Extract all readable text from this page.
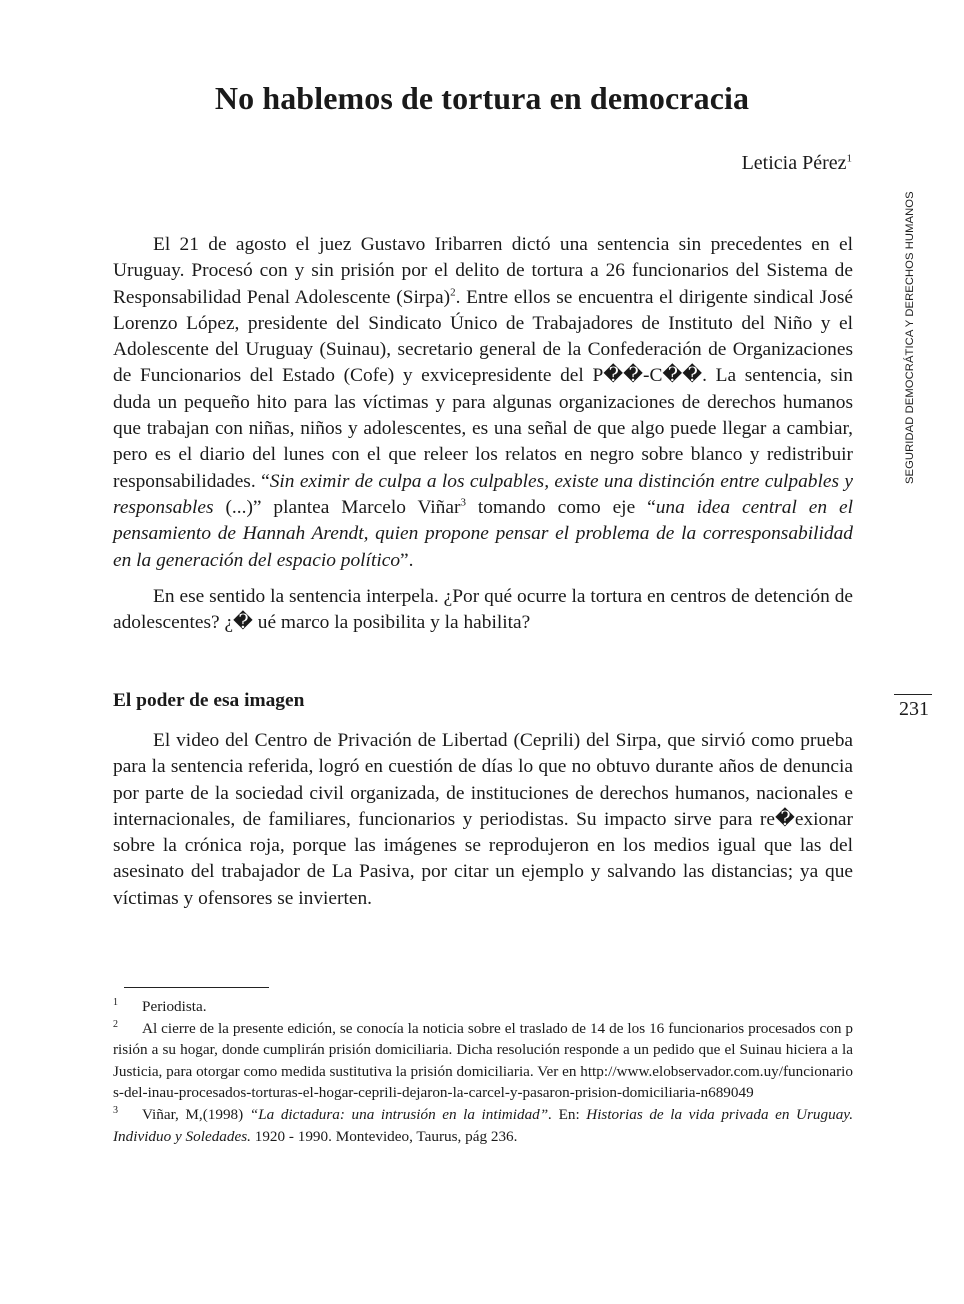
No hablemos de tortura en democracia
Leticia Pérez$^1$
SEGURIDAD DEMOCRÁTICA Y DERECHOS HUMANOS
231

El 21 de agosto el juez Gustavo Iribarren dictó una sentencia sin precedentes en el Uruguay. Procesó con y sin prisión por el delito de tortura a 26 funcionarios del Sistema de Responsabilidad Penal Adolescente (Sirpa)$^2$. Entre ellos se encuentra el dirigente sindical José Lorenzo López, presidente del Sindicato Único de Trabajadores de Instituto del Niño y el Adolescente del Uruguay (Suinau), secretario general de la Confederación de Organizaciones de Funcionarios del Estado (Cofe) y exvicepresidente del P��-C��. La sentencia, sin duda un pequeño hito para las víctimas y para algunas organizaciones de derechos humanos que trabajan con niñas, niños y adolescentes, es una señal de que algo puede llegar a cambiar, pero es el diario del lunes con el que releer los relatos en negro sobre blanco y redistribuir responsabilidades. “Sin eximir de culpa a los culpables, existe una distinción entre culpables y responsables (...)” plantea Marcelo Viñar$^3$ tomando como eje “una idea central en el pensamiento de Hannah Arendt, quien propone pensar el problema de la corresponsabilidad en la generación del espacio político”.

En ese sentido la sentencia interpela. ¿Por qué ocurre la tortura en centros de detención de adolescentes? ¿� ué marco la posibilita y la habilita?

El poder de esa imagen

El video del Centro de Privación de Libertad (Ceprili) del Sirpa, que sirvió como prueba para la sentencia referida, logró en cuestión de días lo que no obtuvo durante años de denuncia por parte de la sociedad civil organizada, de instituciones de derechos humanos, nacionales e internacionales, de familiares, funcionarios y periodistas. Su impacto sirve para re�exionar sobre la crónica roja, porque las imágenes se reprodujeron en los medios igual que las del asesinato del trabajador de La Pasiva, por citar un ejemplo y salvando las distancias; ya que víctimas y ofensores se invierten.

1 Periodista.

2 Al cierre de la presente edición, se conocía la noticia sobre el traslado de 14 de los 16 funcionarios procesados con prisión a su hogar, donde cumplirán prisión domiciliaria. Dicha resolución responde a un pedido que el Suinau hiciera a la Justicia, para otorgar como medida sustitutiva la prisión domiciliaria. Ver en http://www.elobservador.com.uy/funcionarios-del-inau-procesados-torturas-el-hogar-ceprili-dejaron-la-carcel-y-pasaron-prision-domiciliaria-n689049

3 Viñar, M,(1998) “La dictadura: una intrusión en la intimidad”. En: Historias de la vida privada en Uruguay. Individuo y Soledades. 1920 - 1990. Montevideo, Taurus, pág 236.
